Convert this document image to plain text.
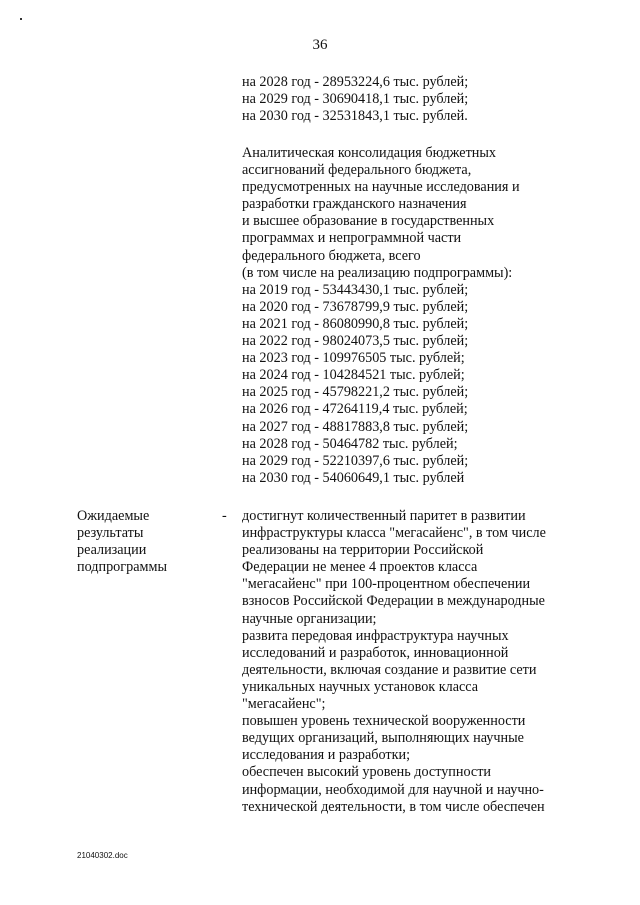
36
на 2028 год - 28953224,6 тыс. рублей;
на 2029 год - 30690418,1 тыс. рублей;
на 2030 год - 32531843,1 тыс. рублей.
Аналитическая консолидация бюджетных
ассигнований федерального бюджета,
предусмотренных на научные исследования и
разработки гражданского назначения
и высшее образование в государственных
программах и непрограммной части
федерального бюджета, всего
(в том числе на реализацию подпрограммы):
на 2019 год - 53443430,1 тыс. рублей;
на 2020 год - 73678799,9 тыс. рублей;
на 2021 год - 86080990,8 тыс. рублей;
на 2022 год - 98024073,5 тыс. рублей;
на 2023 год - 109976505 тыс. рублей;
на 2024 год - 104284521 тыс. рублей;
на 2025 год - 45798221,2 тыс. рублей;
на 2026 год - 47264119,4 тыс. рублей;
на 2027 год - 48817883,8 тыс. рублей;
на 2028 год - 50464782 тыс. рублей;
на 2029 год - 52210397,6 тыс. рублей;
на 2030 год - 54060649,1 тыс. рублей
Ожидаемые
результаты
реализации
подпрограммы
- достигнут количественный паритет в развитии
инфраструктуры класса "мегасайенс", в том числе
реализованы на территории Российской
Федерации не менее 4 проектов класса
"мегасайенс" при 100-процентном обеспечении
взносов Российской Федерации в международные
научные организации;
развита передовая инфраструктура научных
исследований и разработок, инновационной
деятельности, включая создание и развитие сети
уникальных научных установок класса
"мегасайенс";
повышен уровень технической вооруженности
ведущих организаций, выполняющих научные
исследования и разработки;
обеспечен высокий уровень доступности
информации, необходимой для научной и научно-
технической деятельности, в том числе обеспечен
21040302.doc
